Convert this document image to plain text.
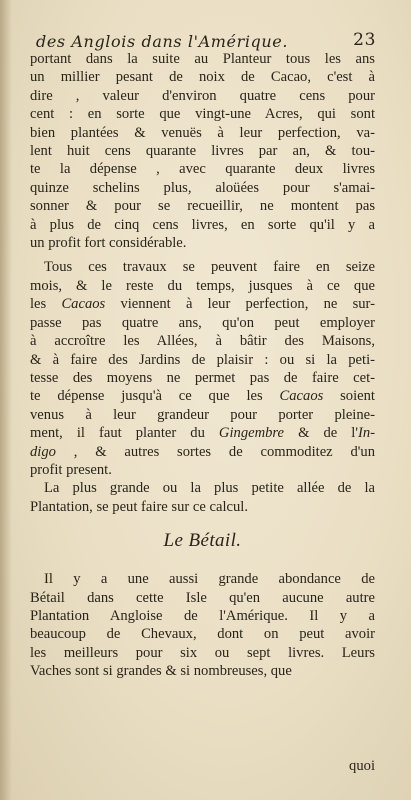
des Anglois dans l'Amérique.	23
portant dans la suite au Planteur tous les ans
un millier pesant de noix de Cacao, c'est à
dire , valeur d'environ quatre cens pour
cent : en sorte que vingt-une Acres, qui sont
bien plantées & venuës à leur perfection, va-
lent huit cens quarante livres par an, & tou-
te la dépense , avec quarante deux livres
quinze schelins plus, aloüées pour s'amai-
sonner & pour se recueillir, ne montent pas
à plus de cinq cens livres, en sorte qu'il y a
un profit fort considérable.
Tous ces travaux se peuvent faire en seize
mois, & le reste du temps, jusques à ce que
les Cacaos viennent à leur perfection, ne sur-
passe pas quatre ans, qu'on peut employer
à accroître les Allées, à bâtir des Maisons,
& à faire des Jardins de plaisir : ou si la peti-
tesse des moyens ne permet pas de faire cet-
te dépense jusqu'à ce que les Cacaos soient
venus à leur grandeur pour porter pleine-
ment, il faut planter du Gingembre & de l'In-
digo , & autres sortes de commoditez d'un
profit present.
La plus grande ou la plus petite allée de la
Plantation, se peut faire sur ce calcul.
Le Bétail.
Il y a une aussi grande abondance de
Bétail dans cette Isle qu'en aucune autre
Plantation Angloise de l'Amérique. Il y a
beaucoup de Chevaux, dont on peut avoir
les meilleurs pour six ou sept livres. Leurs
Vaches sont si grandes & si nombreuses, que
quoi
